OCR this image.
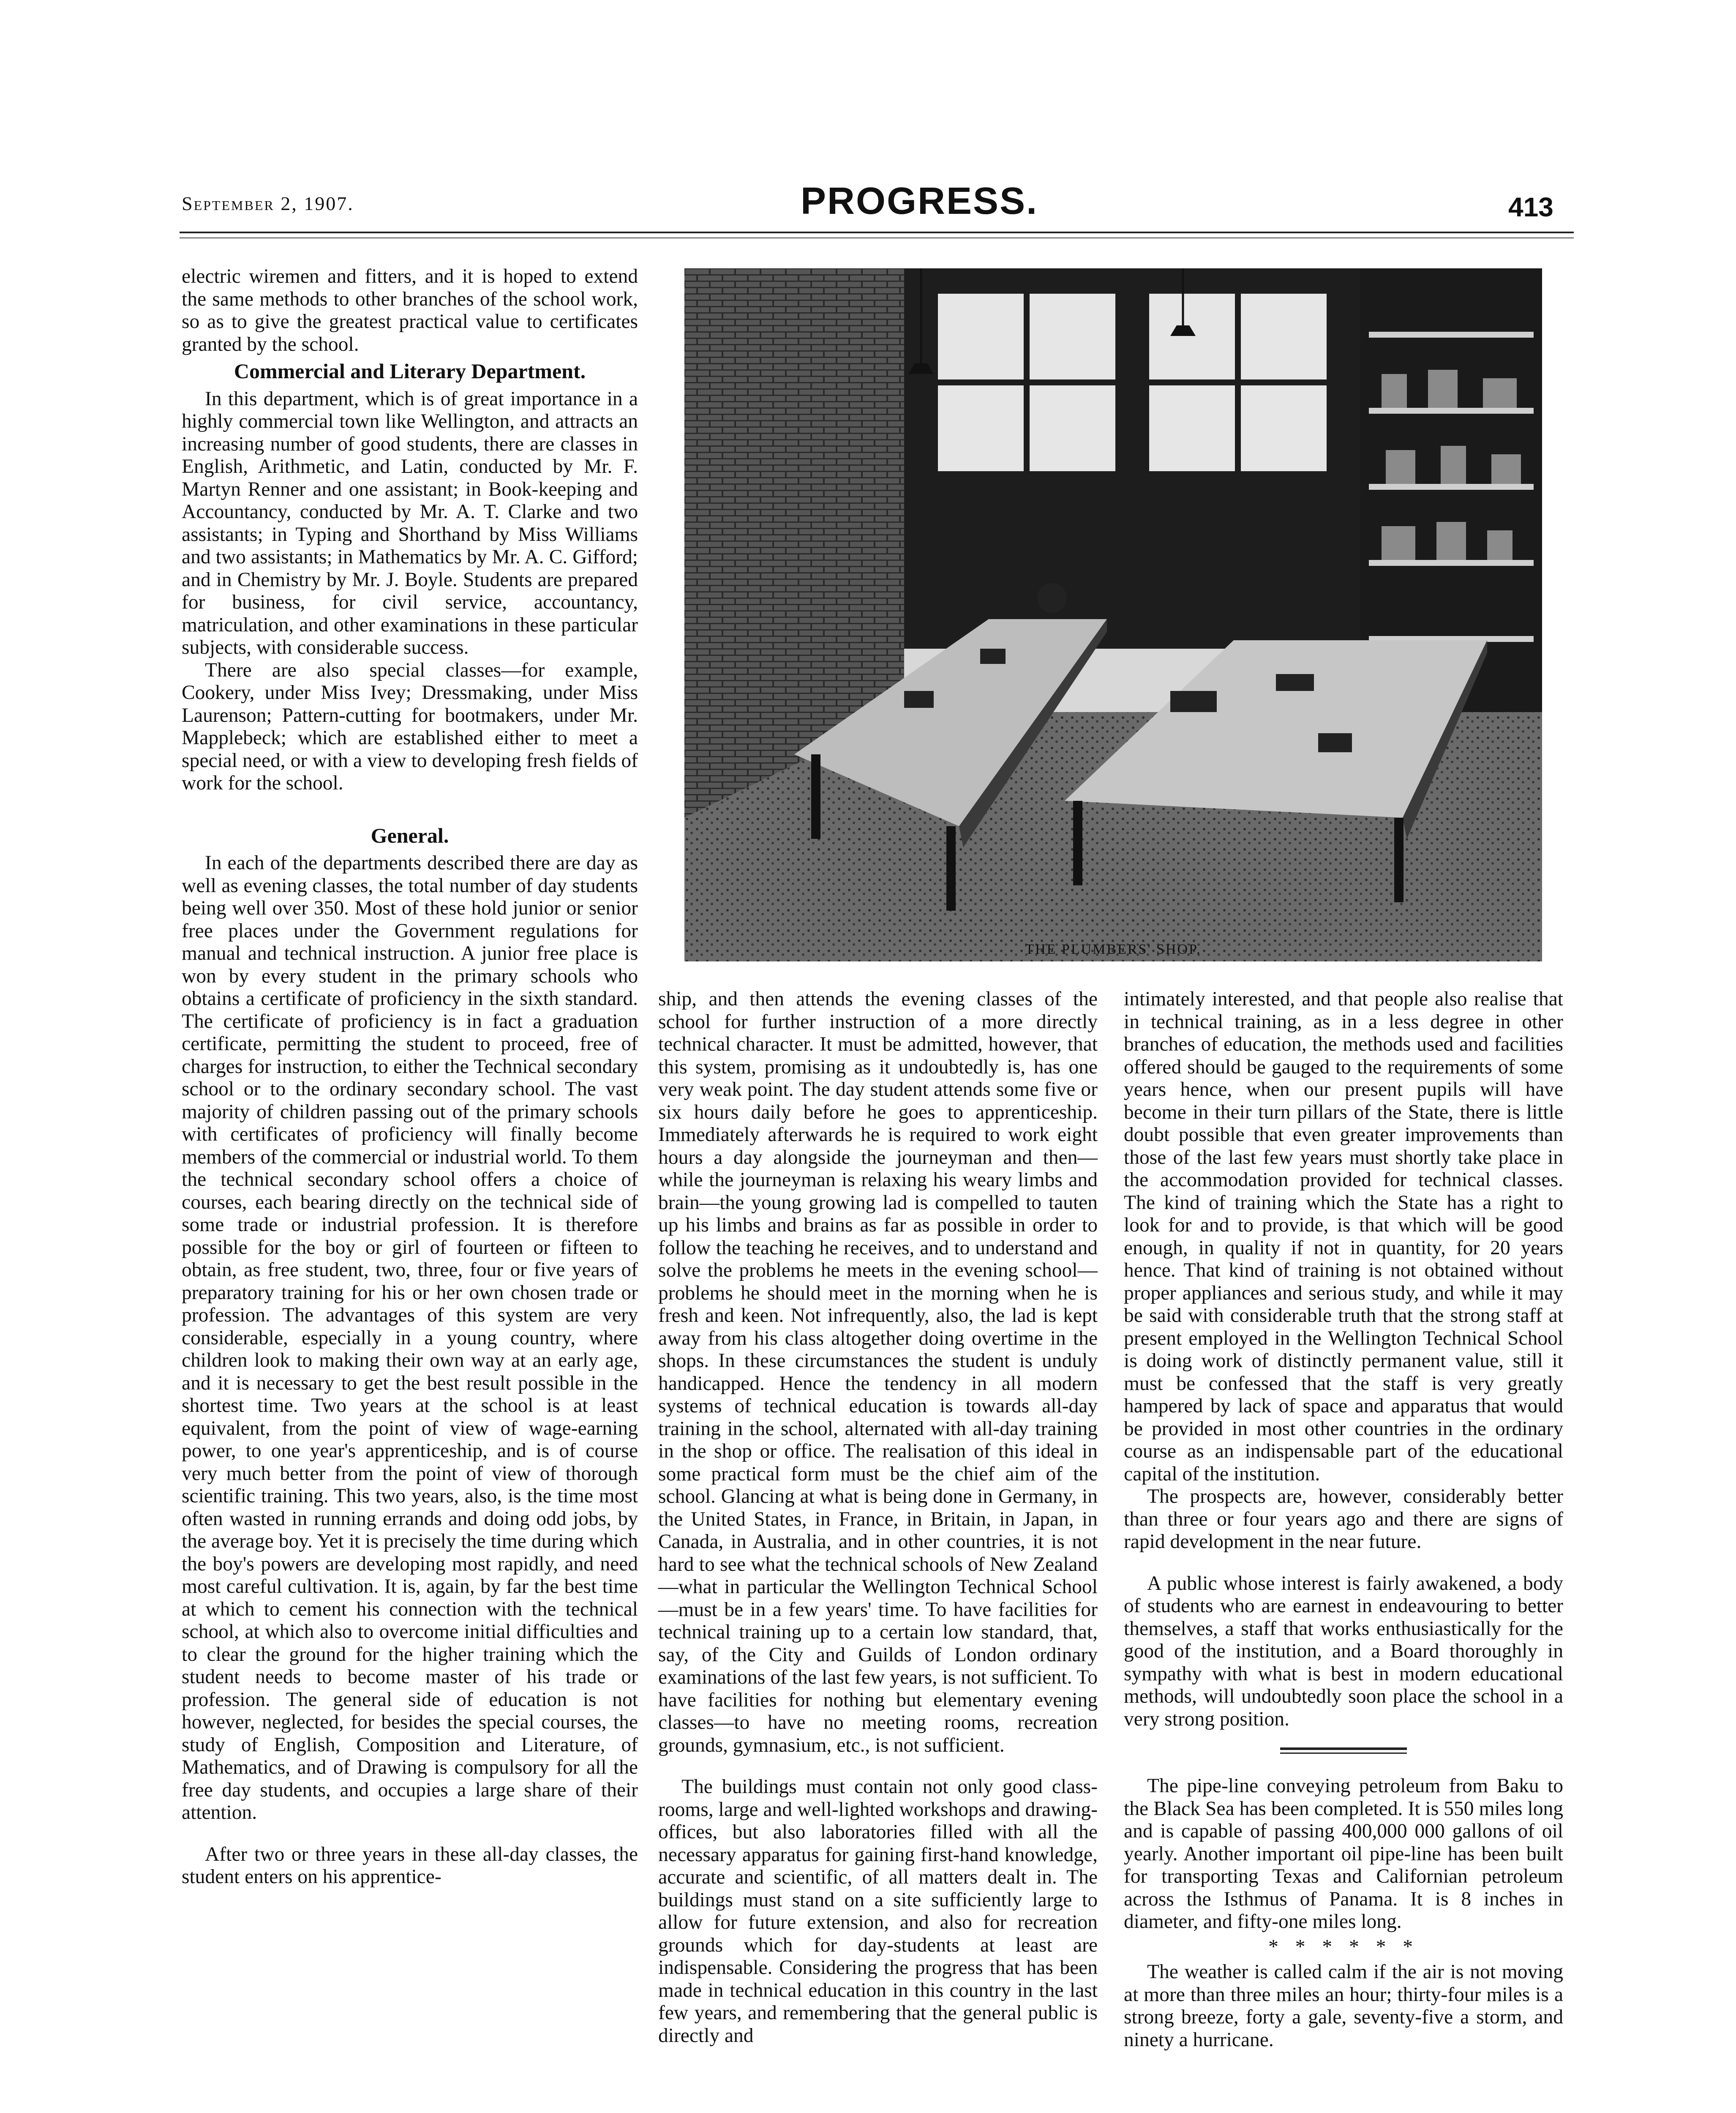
September 2, 1907.	PROGRESS.	413

electric wiremen and fitters, and it is hoped to extend the same methods to other branches of the school work, so as to give the greatest practical value to certificates granted by the school.

Commercial and Literary Department.

In this department, which is of great importance in a highly commercial town like Wellington, and attracts an increasing number of good students, there are classes in English, Arithmetic, and Latin, conducted by Mr. F. Martyn Renner and one assistant; in Book-keeping and Accountancy, conducted by Mr. A. T. Clarke and two assistants; in Typing and Shorthand by Miss Williams and two assistants; in Mathematics by Mr. A. C. Gifford; and in Chemistry by Mr. J. Boyle. Students are prepared for business, for civil service, accountancy, matriculation, and other examinations in these particular subjects, with considerable success.

There are also special classes—for example, Cookery, under Miss Ivey; Dressmaking, under Miss Laurenson; Pattern-cutting for bootmakers, under Mr. Mapplebeck; which are established either to meet a special need, or with a view to developing fresh fields of work for the school.

General.

In each of the departments described there are day as well as evening classes, the total number of day students being well over 350. Most of these hold junior or senior free places under the Government regulations for manual and technical instruction. A junior free place is won by every student in the primary schools who obtains a certificate of proficiency in the sixth standard. The certificate of proficiency is in fact a graduation certificate, permitting the student to proceed, free of charges for instruction, to either the Technical secondary school or to the ordinary secondary school. The vast majority of children passing out of the primary schools with certificates of proficiency will finally become members of the commercial or industrial world. To them the technical secondary school offers a choice of courses, each bearing directly on the technical side of some trade or industrial profession. It is therefore possible for the boy or girl of fourteen or fifteen to obtain, as free student, two, three, four or five years of preparatory training for his or her own chosen trade or profession. The advantages of this system are very considerable, especially in a young country, where children look to making their own way at an early age, and it is necessary to get the best result possible in the shortest time. Two years at the school is at least equivalent, from the point of view of wage-earning power, to one year's apprenticeship, and is of course very much better from the point of view of thorough scientific training. This two years, also, is the time most often wasted in running errands and doing odd jobs, by the average boy. Yet it is precisely the time during which the boy's powers are developing most rapidly, and need most careful cultivation. It is, again, by far the best time at which to cement his connection with the technical school, at which also to overcome initial difficulties and to clear the ground for the higher training which the student needs to become master of his trade or profession. The general side of education is not however, neglected, for besides the special courses, the study of English, Composition and Literature, of Mathematics, and of Drawing is compulsory for all the free day students, and occupies a large share of their attention.

After two or three years in these all-day classes, the student enters on his apprentice-

THE PLUMBERS' SHOP.

ship, and then attends the evening classes of the school for further instruction of a more directly technical character. It must be admitted, however, that this system, promising as it undoubtedly is, has one very weak point. The day student attends some five or six hours daily before he goes to apprenticeship. Immediately afterwards he is required to work eight hours a day alongside the journeyman and then—while the journeyman is relaxing his weary limbs and brain—the young growing lad is compelled to tauten up his limbs and brains as far as possible in order to follow the teaching he receives, and to understand and solve the problems he meets in the evening school—problems he should meet in the morning when he is fresh and keen. Not infrequently, also, the lad is kept away from his class altogether doing overtime in the shops. In these circumstances the student is unduly handicapped. Hence the tendency in all modern systems of technical education is towards all-day training in the school, alternated with all-day training in the shop or office. The realisation of this ideal in some practical form must be the chief aim of the school. Glancing at what is being done in Germany, in the United States, in France, in Britain, in Japan, in Canada, in Australia, and in other countries, it is not hard to see what the technical schools of New Zealand—what in particular the Wellington Technical School—must be in a few years' time. To have facilities for technical training up to a certain low standard, that, say, of the City and Guilds of London ordinary examinations of the last few years, is not sufficient. To have facilities for nothing but elementary evening classes—to have no meeting rooms, recreation grounds, gymnasium, etc., is not sufficient.

The buildings must contain not only good class-rooms, large and well-lighted workshops and drawing-offices, but also laboratories filled with all the necessary apparatus for gaining first-hand knowledge, accurate and scientific, of all matters dealt in. The buildings must stand on a site sufficiently large to allow for future extension, and also for recreation grounds which for day-students at least are indispensable. Considering the progress that has been made in technical education in this country in the last few years, and remembering that the general public is directly and

intimately interested, and that people also realise that in technical training, as in a less degree in other branches of education, the methods used and facilities offered should be gauged to the requirements of some years hence, when our present pupils will have become in their turn pillars of the State, there is little doubt possible that even greater improvements than those of the last few years must shortly take place in the accommodation provided for technical classes. The kind of training which the State has a right to look for and to provide, is that which will be good enough, in quality if not in quantity, for 20 years hence. That kind of training is not obtained without proper appliances and serious study, and while it may be said with considerable truth that the strong staff at present employed in the Wellington Technical School is doing work of distinctly permanent value, still it must be confessed that the staff is very greatly hampered by lack of space and apparatus that would be provided in most other countries in the ordinary course as an indispensable part of the educational capital of the institution.

The prospects are, however, considerably better than three or four years ago and there are signs of rapid development in the near future.

A public whose interest is fairly awakened, a body of students who are earnest in endeavouring to better themselves, a staff that works enthusiastically for the good of the institution, and a Board thoroughly in sympathy with what is best in modern educational methods, will undoubtedly soon place the school in a very strong position.

The pipe-line conveying petroleum from Baku to the Black Sea has been completed. It is 550 miles long and is capable of passing 400,000 000 gallons of oil yearly. Another important oil pipe-line has been built for transporting Texas and Californian petroleum across the Isthmus of Panama. It is 8 inches in diameter, and fifty-one miles long.

* * * * * *

The weather is called calm if the air is not moving at more than three miles an hour; thirty-four miles is a strong breeze, forty a gale, seventy-five a storm, and ninety a hurricane.
